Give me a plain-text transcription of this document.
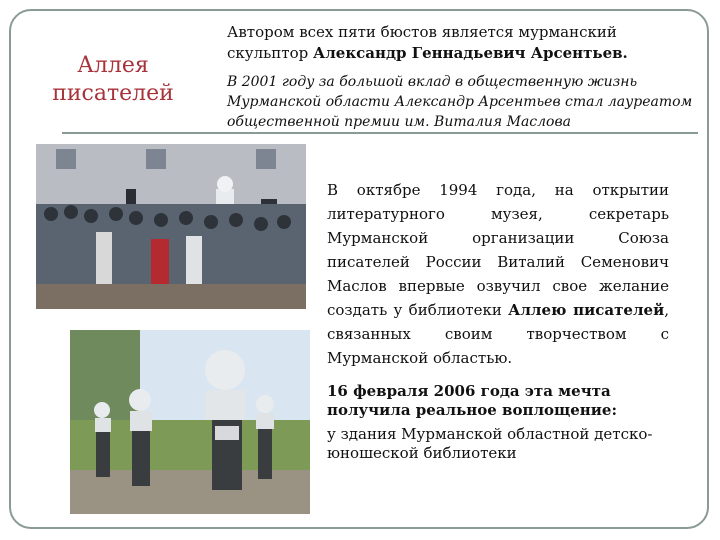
Аллея
писателей
Автором всех пяти бюстов является мурманский скульптор Александр Геннадьевич Арсентьев.
В 2001 году за большой вклад в общественную жизнь Мурманской области Александр Арсентьев стал лауреатом общественной премии им. Виталия Маслова
В октябре 1994 года, на открытии литературного музея, секретарь Мурманской организации Союза писателей России Виталий Семенович Маслов впервые озвучил свое желание создать у библиотеки Аллею писателей, связанных своим творчеством с Мурманской областью.
16 февраля 2006 года эта мечта получила реальное воплощение:
у здания Мурманской областной детско-юношеской библиотеки
